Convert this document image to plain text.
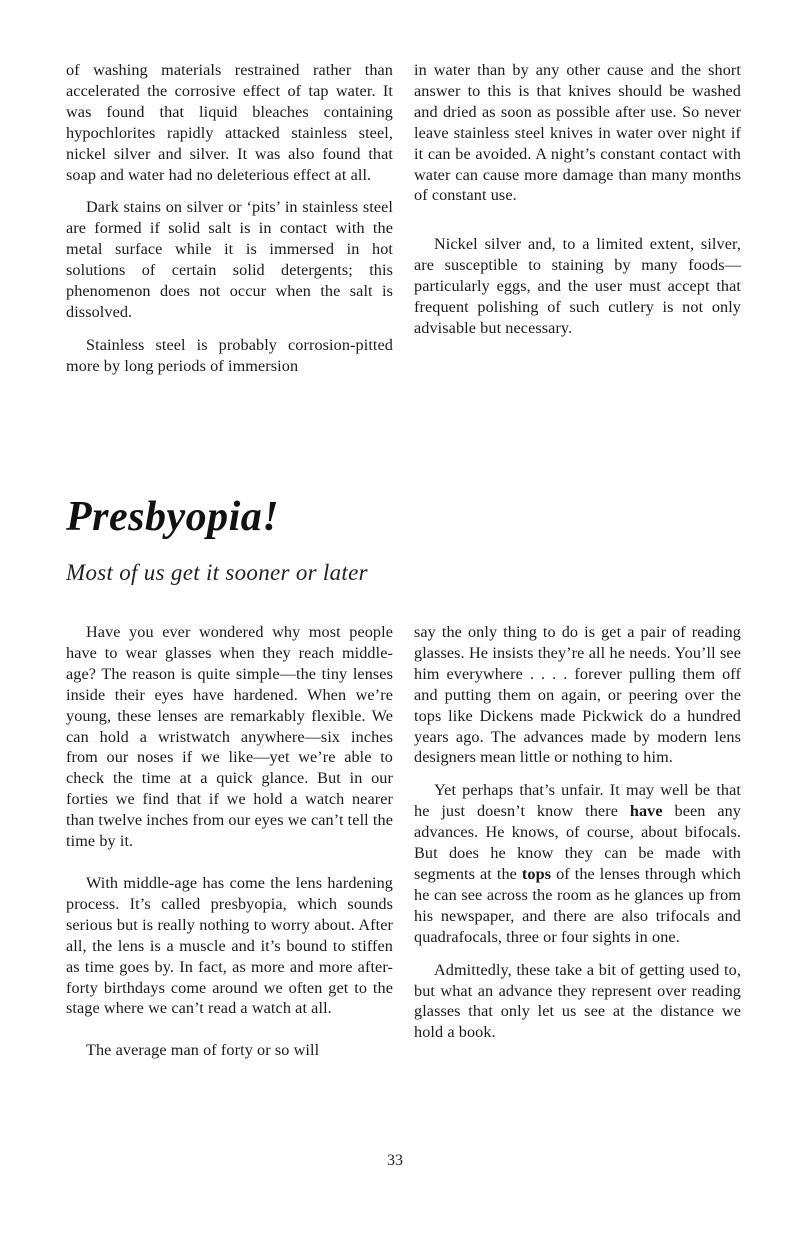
of washing materials restrained rather than accelerated the corrosive effect of tap water. It was found that liquid bleaches containing hypochlorites rapidly attacked stainless steel, nickel silver and silver. It was also found that soap and water had no deleterious effect at all.

Dark stains on silver or ‘pits’ in stainless steel are formed if solid salt is in contact with the metal surface while it is immersed in hot solutions of certain solid detergents; this phenomenon does not occur when the salt is dissolved.

Stainless steel is probably corrosion-pitted more by long periods of immersion

in water than by any other cause and the short answer to this is that knives should be washed and dried as soon as possible after use. So never leave stainless steel knives in water over night if it can be avoided. A night’s constant contact with water can cause more damage than many months of constant use.

Nickel silver and, to a limited extent, silver, are susceptible to staining by many foods—particularly eggs, and the user must accept that frequent polishing of such cutlery is not only advisable but necessary.

Presbyopia!
Most of us get it sooner or later

Have you ever wondered why most people have to wear glasses when they reach middle-age? The reason is quite simple—the tiny lenses inside their eyes have hardened. When we’re young, these lenses are remarkably flexible. We can hold a wristwatch anywhere—six inches from our noses if we like—yet we’re able to check the time at a quick glance. But in our forties we find that if we hold a watch nearer than twelve inches from our eyes we can’t tell the time by it.

With middle-age has come the lens hardening process. It’s called presbyopia, which sounds serious but is really nothing to worry about. After all, the lens is a muscle and it’s bound to stiffen as time goes by. In fact, as more and more after-forty birthdays come around we often get to the stage where we can’t read a watch at all.

The average man of forty or so will

say the only thing to do is get a pair of reading glasses. He insists they’re all he needs. You’ll see him everywhere . . . . forever pulling them off and putting them on again, or peering over the tops like Dickens made Pickwick do a hundred years ago. The advances made by modern lens designers mean little or nothing to him.

Yet perhaps that’s unfair. It may well be that he just doesn’t know there have been any advances. He knows, of course, about bifocals. But does he know they can be made with segments at the tops of the lenses through which he can see across the room as he glances up from his newspaper, and there are also trifocals and quadrafocals, three or four sights in one.

Admittedly, these take a bit of getting used to, but what an advance they represent over reading glasses that only let us see at the distance we hold a book.

33
